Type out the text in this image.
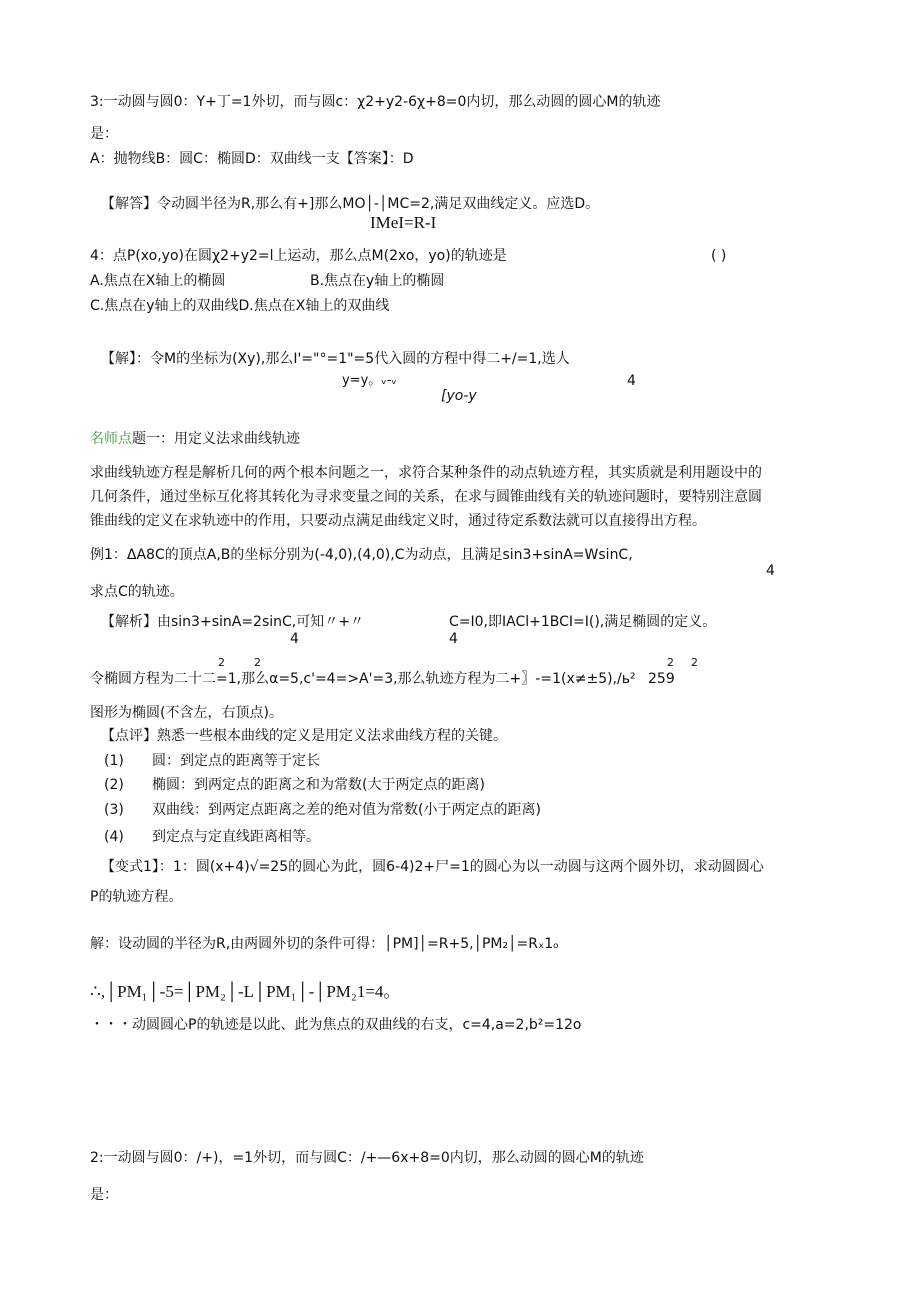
3:一动圆与圆0：Y+丁=1外切，而与圆c：χ2+y2-6χ+8=0内切，那么动圆的圆心M的轨迹
是：
A：抛物线B：圆C：椭圆D：双曲线一支【答案】：D
【解答】令动圆半径为R,那么有+]那么MO│-│MC=2,满足双曲线定义。应选D。
IMeI=R-I
4：点P(xo,yo)在圆χ2+y2=l上运动，那么点M(2xo，yo)的轨迹是	( )
A.焦点在X轴上的椭圆	B.焦点在y轴上的椭圆
C.焦点在y轴上的双曲线D.焦点在X轴上的双曲线
【解】：令M的坐标为(Xy),那么I'="°=1"=5代入圆的方程中得二+/=1,选人
y=y。ᵥ-ᵥ	4
[yo-y
名师点题一：用定义法求曲线轨迹
求曲线轨迹方程是解析几何的两个根本问题之一，求符合某种条件的动点轨迹方程，其实质就是利用题设中的
几何条件，通过坐标互化将其转化为寻求变量之间的关系，在求与圆锥曲线有关的轨迹问题时，要特别注意圆
锥曲线的定义在求轨迹中的作用，只要动点满足曲线定义时，通过待定系数法就可以直接得出方程。
例1：ΔA8C的顶点A,B的坐标分别为(-4,0),(4,0),C为动点，且满足sin3+sinA=WsinC,
4
求点C的轨迹。
【解析】由sin3+sinA=2sinC,可知〃+〃	C=I0,即IACl+1BCI=I(),满足椭圆的定义。
4	4
2	2	2 2
令椭圆方程为二十二=1,那么α=5,c'=4=>A'=3,那么轨迹方程为二+〗-=1(x≠±5),/ь² 259
图形为椭圆(不含左，右顶点)。
【点评】熟悉一些根本曲线的定义是用定义法求曲线方程的关键。
(1) 圆：到定点的距离等于定长
(2) 椭圆：到两定点的距离之和为常数(大于两定点的距离)
(3) 双曲线：到两定点距离之差的绝对值为常数(小于两定点的距离)
(4) 到定点与定直线距离相等。
【变式1】：1：圆(x+4)√=25的圆心为此，圆6-4)2+尸=1的圆心为以一动圆与这两个圆外切，求动圆圆心
P的轨迹方程。
解：设动圆的半径为R,由两圆外切的条件可得：│PM]│=R+5,│PM₂│=Rₓ1ₒ
∴,│PM₁│-5=│PM₂│-L│PM₁│-│PM₂1=4。
・・・动圆圆心P的轨迹是以此、此为焦点的双曲线的右支，c=4,a=2,b²=12o
2:一动圆与圆0：/+)，=1外切，而与圆C：/+—6x+8=0内切，那么动圆的圆心M的轨迹
是：
